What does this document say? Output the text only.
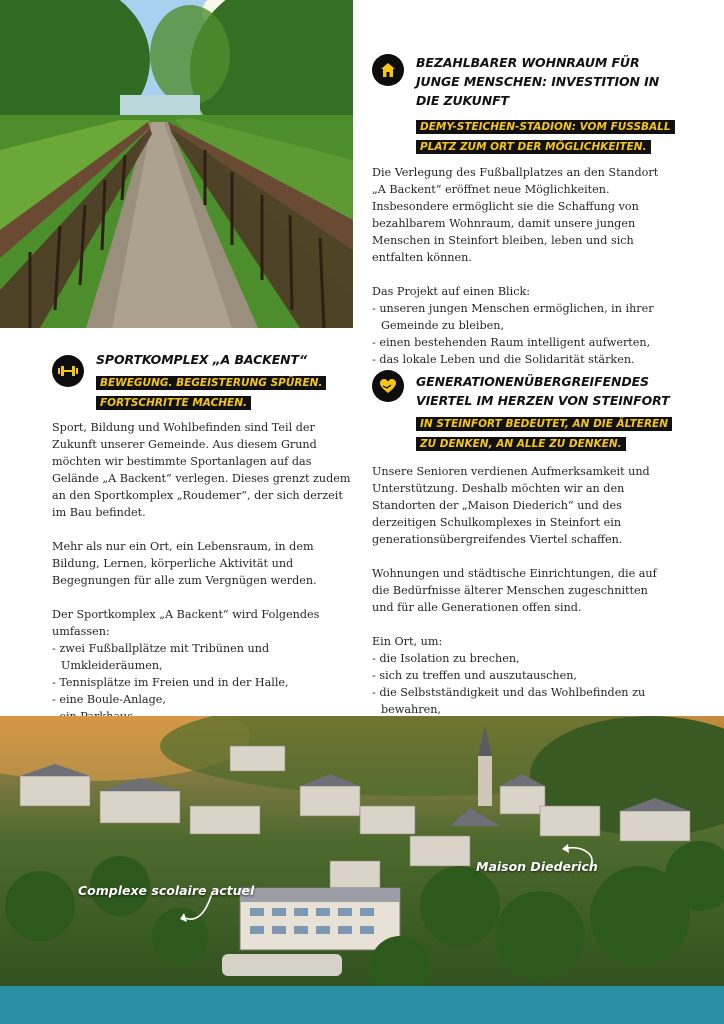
BEZAHLBARER WOHNRAUM FÜR JUNGE MENSCHEN: INVESTITION IN DIE ZUKUNFT
DEMY-STEICHEN-STADION: VOM FUSSBALL
PLATZ ZUM ORT DER MÖGLICHKEITEN.

Die Verlegung des Fußballplatzes an den Standort „A Backent“ eröffnet neue Möglichkeiten. Insbesondere ermöglicht sie die Schaffung von bezahlbarem Wohnraum, damit unsere jungen Menschen in Steinfort bleiben, leben und sich entfalten können.

Das Projekt auf einen Blick:
- unseren jungen Menschen ermöglichen, in ihrer Gemeinde zu bleiben,
- einen bestehenden Raum intelligent aufwerten,
- das lokale Leben und die Solidarität stärken.
SPORTKOMPLEX „A BACKENT“
BEWEGUNG. BEGEISTERUNG SPÜREN.
FORTSCHRITTE MACHEN.

Sport, Bildung und Wohlbefinden sind Teil der Zukunft unserer Gemeinde. Aus diesem Grund möchten wir bestimmte Sportanlagen auf das Gelände „A Backent“ verlegen. Dieses grenzt zudem an den Sportkomplex „Roudemer“, der sich derzeit im Bau befindet.

Mehr als nur ein Ort, ein Lebensraum, in dem Bildung, Lernen, körperliche Aktivität und Begegnungen für alle zum Vergnügen werden.

Der Sportkomplex „A Backent“ wird Folgendes umfassen:
- zwei Fußballplätze mit Tribünen und Umkleideräumen,
- Tennisplätze im Freien und in der Halle,
- eine Boule-Anlage,
-
-
GENERATIONENÜBERGREIFENDES VIERTEL IM HERZEN VON STEINFORT
IN STEINFORT BEDEUTET, AN DIE ÄLTEREN
ZU DENKEN, AN ALLE ZU DENKEN.

Unsere Senioren verdienen Aufmerksamkeit und Unterstützung. Deshalb möchten wir an den Standorten der „Maison Diederich“ und des derzeitigen Schulkomplexes in Steinfort ein generationsübergreifendes Viertel schaffen.

Wohnungen und städtische Einrichtungen, die auf die Bedürfnisse älterer Menschen zugeschnitten und für alle Generationen offen sind.

Ein Ort, um:
- die Isolation zu brechen,
- sich zu treffen und auszutauschen,
- die Selbstständigkeit und das Wohlbefinden zu bewahren,
-
Complexe scolaire actuel
Maison Diederich
